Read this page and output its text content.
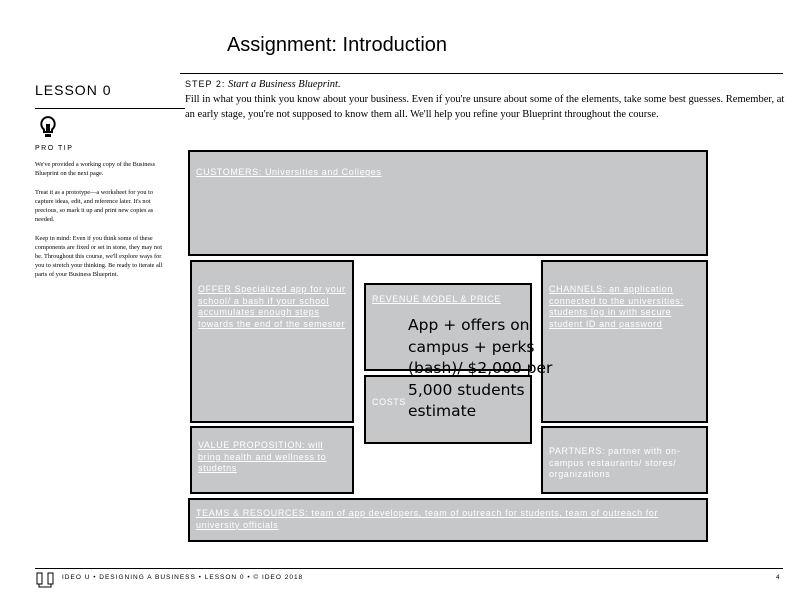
Assignment: Introduction
LESSON 0	STEP 2: Start a Business Blueprint.
Fill in what you think you know about your business. Even if you're unsure about some of the elements, take some best guesses. Remember, at an early stage, you're not supposed to know them all. We'll help you refine your Blueprint throughout the course.
PRO TIP

We've provided a working copy of the Business Blueprint on the next page.

Treat it as a prototype—a worksheet for you to capture ideas, edit, and reference later. It's not precious, so mark it up and print new copies as needed.

Keep in mind: Even if you think some of these components are fixed or set in stone, they may not be. Throughout this course, we'll explore ways for you to stretch your thinking. Be ready to iterate all parts of your Business Blueprint.

CUSTOMERS: Universities and Colleges
OFFER Specialized app for your school/ a bash if your school accumulates enough steps towards the end of the semester
VALUE PROPOSITION: will bring health and wellness to studetns
REVENUE MODEL & PRICE
COSTS
CHANNELS: an application connected to the universities: students log in with secure student ID and password
PARTNERS: partner with on-campus restaurants/ stores/ organizations
TEAMS & RESOURCES: team of app developers, team of outreach for students, team of outreach for university officials
App + offers on campus + perks (bash)/ $2,000 per 5,000 students estimate
IDEO U • DESIGNING A BUSINESS • LESSON 0 • © IDEO 2018	4
